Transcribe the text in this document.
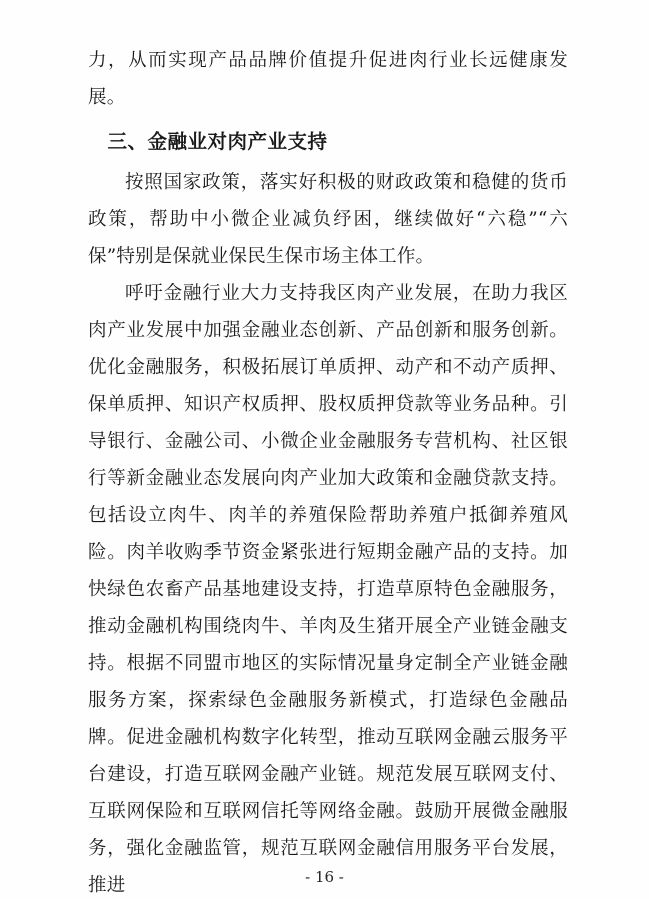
力，从而实现产品品牌价值提升促进肉行业长远健康发展。

三、金融业对肉产业支持

按照国家政策，落实好积极的财政政策和稳健的货币政策，帮助中小微企业减负纾困，继续做好“六稳”“六保”特别是保就业保民生保市场主体工作。

呼吁金融行业大力支持我区肉产业发展，在助力我区肉产业发展中加强金融业态创新、产品创新和服务创新。优化金融服务，积极拓展订单质押、动产和不动产质押、保单质押、知识产权质押、股权质押贷款等业务品种。引导银行、金融公司、小微企业金融服务专营机构、社区银行等新金融业态发展向肉产业加大政策和金融贷款支持。包括设立肉牛、肉羊的养殖保险帮助养殖户抵御养殖风险。肉羊收购季节资金紧张进行短期金融产品的支持。加快绿色农畜产品基地建设支持，打造草原特色金融服务，推动金融机构围绕肉牛、羊肉及生猪开展全产业链金融支持。根据不同盟市地区的实际情况量身定制全产业链金融服务方案，探索绿色金融服务新模式，打造绿色金融品牌。促进金融机构数字化转型，推动互联网金融云服务平台建设，打造互联网金融产业链。规范发展互联网支付、互联网保险和互联网信托等网络金融。鼓励开展微金融服务，强化金融监管，规范互联网金融信用服务平台发展，推进	- 16 -
